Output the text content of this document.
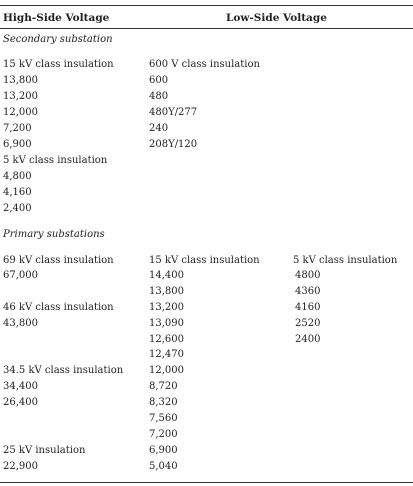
High-Side Voltage	Low-Side Voltage
Secondary substation
15 kV class insulation
13,800
13,200
12,000
7,200
6,900
5 kV class insulation
4,800
4,160
2,400
600 V class insulation
600
480
480Y/277
240
208Y/120
Primary substations
69 kV class insulation
67,000
46 kV class insulation
43,800
34.5 kV class insulation
34,400
26,400
25 kV insulation
22,900
15 kV class insulation
14,400
13,800
13,200
13,090
12,600
12,470
12,000
8,720
8,320
7,560
7,200
6,900
5,040
5 kV class insulation
4800
4360
4160
2520
2400
